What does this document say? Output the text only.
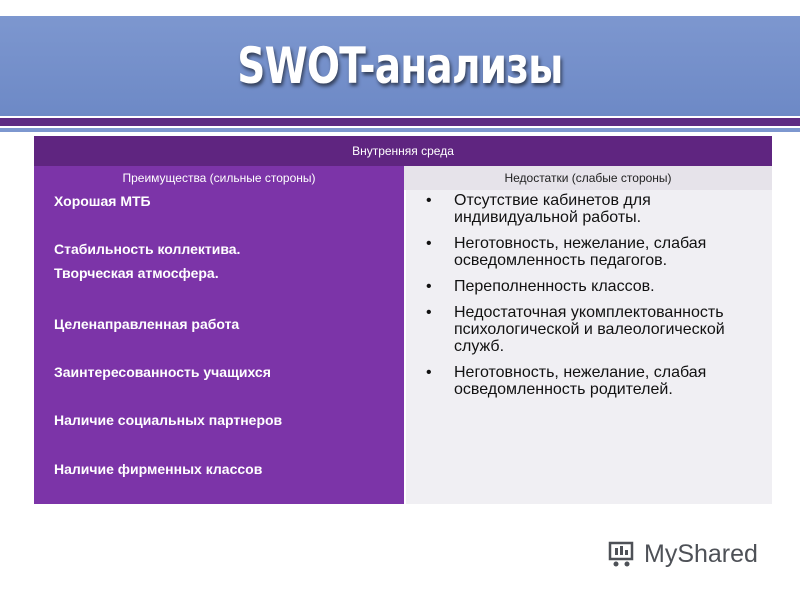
SWOT-анализы
Внутренняя среда
Преимущества (сильные стороны)	Недостатки (слабые стороны)
Хорошая МТБ
Стабильность коллектива.
Творческая атмосфера.
Целенаправленная работа
Заинтересованность учащихся
Наличие социальных партнеров
Наличие фирменных классов
• Отсутствие кабинетов для индивидуальной работы.
• Неготовность, нежелание, слабая осведомленность педагогов.
• Переполненность классов.
• Недостаточная укомплектованность психологической и валеологической служб.
• Неготовность, нежелание, слабая осведомленность родителей.
MyShared
